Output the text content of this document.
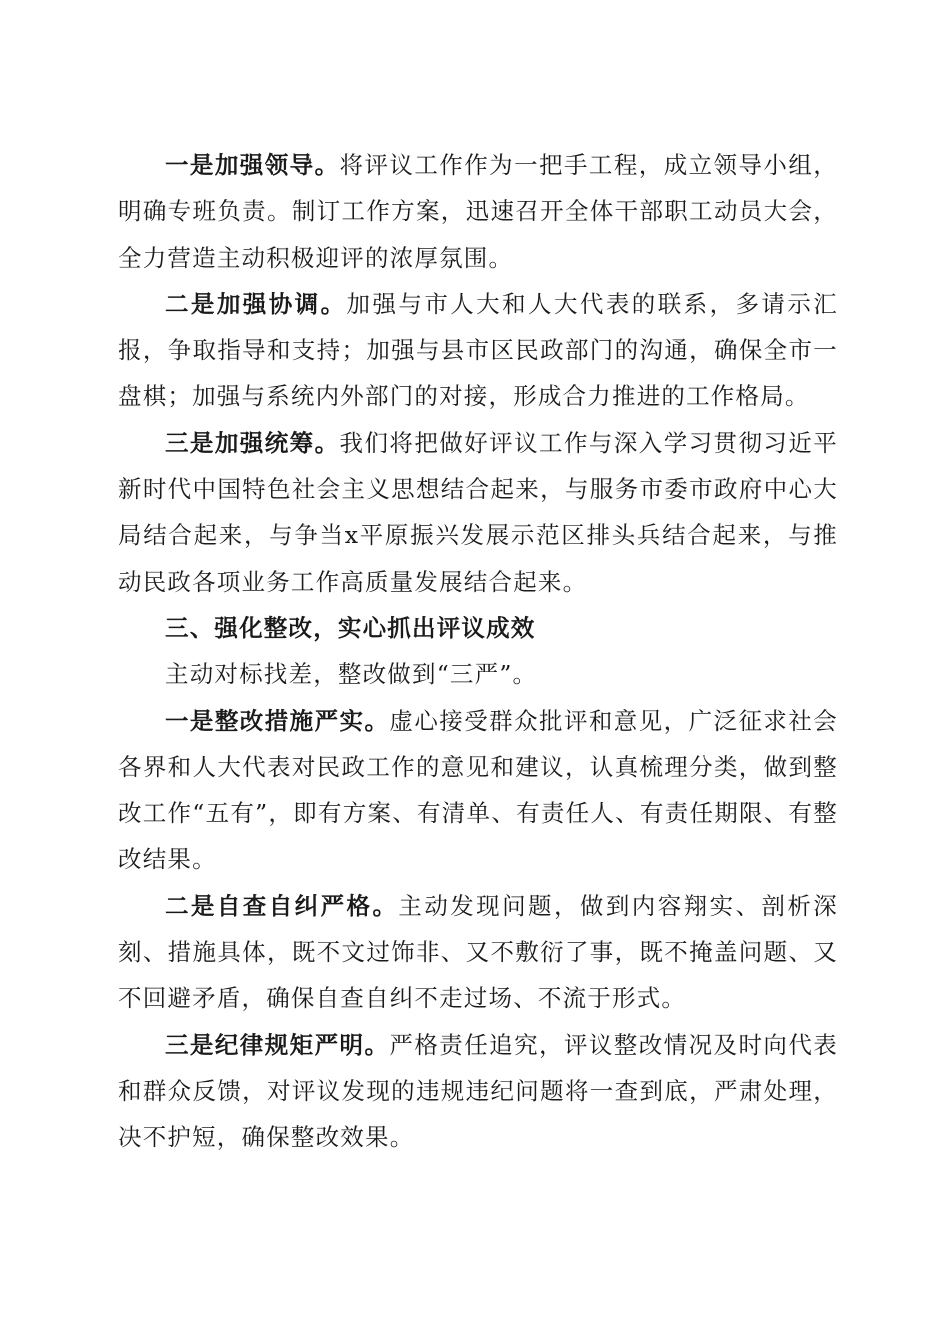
一是加强领导。将评议工作作为一把手工程，成立领导小组，明确专班负责。制订工作方案，迅速召开全体干部职工动员大会，全力营造主动积极迎评的浓厚氛围。

二是加强协调。加强与市人大和人大代表的联系，多请示汇报，争取指导和支持；加强与县市区民政部门的沟通，确保全市一盘棋；加强与系统内外部门的对接，形成合力推进的工作格局。

三是加强统筹。我们将把做好评议工作与深入学习贯彻习近平新时代中国特色社会主义思想结合起来，与服务市委市政府中心大局结合起来，与争当x平原振兴发展示范区排头兵结合起来，与推动民政各项业务工作高质量发展结合起来。

三、强化整改，实心抓出评议成效

主动对标找差，整改做到“三严”。

一是整改措施严实。虚心接受群众批评和意见，广泛征求社会各界和人大代表对民政工作的意见和建议，认真梳理分类，做到整改工作“五有”，即有方案、有清单、有责任人、有责任期限、有整改结果。

二是自查自纠严格。主动发现问题，做到内容翔实、剖析深刻、措施具体，既不文过饰非、又不敷衍了事，既不掩盖问题、又不回避矛盾，确保自查自纠不走过场、不流于形式。

三是纪律规矩严明。严格责任追究，评议整改情况及时向代表和群众反馈，对评议发现的违规违纪问题将一查到底，严肃处理，决不护短，确保整改效果。
